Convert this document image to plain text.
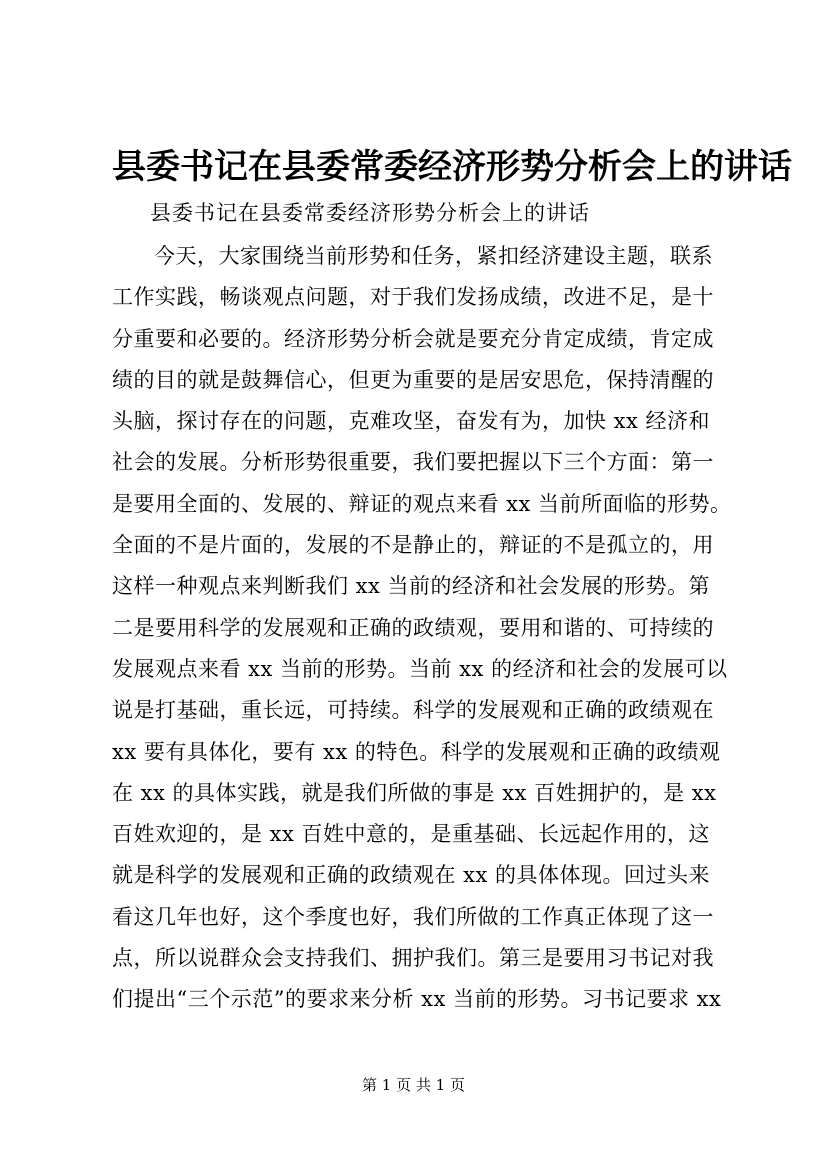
县委书记在县委常委经济形势分析会上的讲话
县委书记在县委常委经济形势分析会上的讲话
今天，大家围绕当前形势和任务，紧扣经济建设主题，联系
工作实践，畅谈观点问题，对于我们发扬成绩，改进不足，是十
分重要和必要的。经济形势分析会就是要充分肯定成绩，肯定成
绩的目的就是鼓舞信心，但更为重要的是居安思危，保持清醒的
头脑，探讨存在的问题，克难攻坚，奋发有为，加快 xx 经济和
社会的发展。分析形势很重要，我们要把握以下三个方面：第一
是要用全面的、发展的、辩证的观点来看 xx 当前所面临的形势。
全面的不是片面的，发展的不是静止的，辩证的不是孤立的，用
这样一种观点来判断我们 xx 当前的经济和社会发展的形势。第
二是要用科学的发展观和正确的政绩观，要用和谐的、可持续的
发展观点来看 xx 当前的形势。当前 xx 的经济和社会的发展可以
说是打基础，重长远，可持续。科学的发展观和正确的政绩观在
xx 要有具体化，要有 xx 的特色。科学的发展观和正确的政绩观
在 xx 的具体实践，就是我们所做的事是 xx 百姓拥护的，是 xx
百姓欢迎的，是 xx 百姓中意的，是重基础、长远起作用的，这
就是科学的发展观和正确的政绩观在 xx 的具体体现。回过头来
看这几年也好，这个季度也好，我们所做的工作真正体现了这一
点，所以说群众会支持我们、拥护我们。第三是要用习书记对我
们提出“三个示范”的要求来分析 xx 当前的形势。习书记要求 xx
第 1 页 共 1 页
